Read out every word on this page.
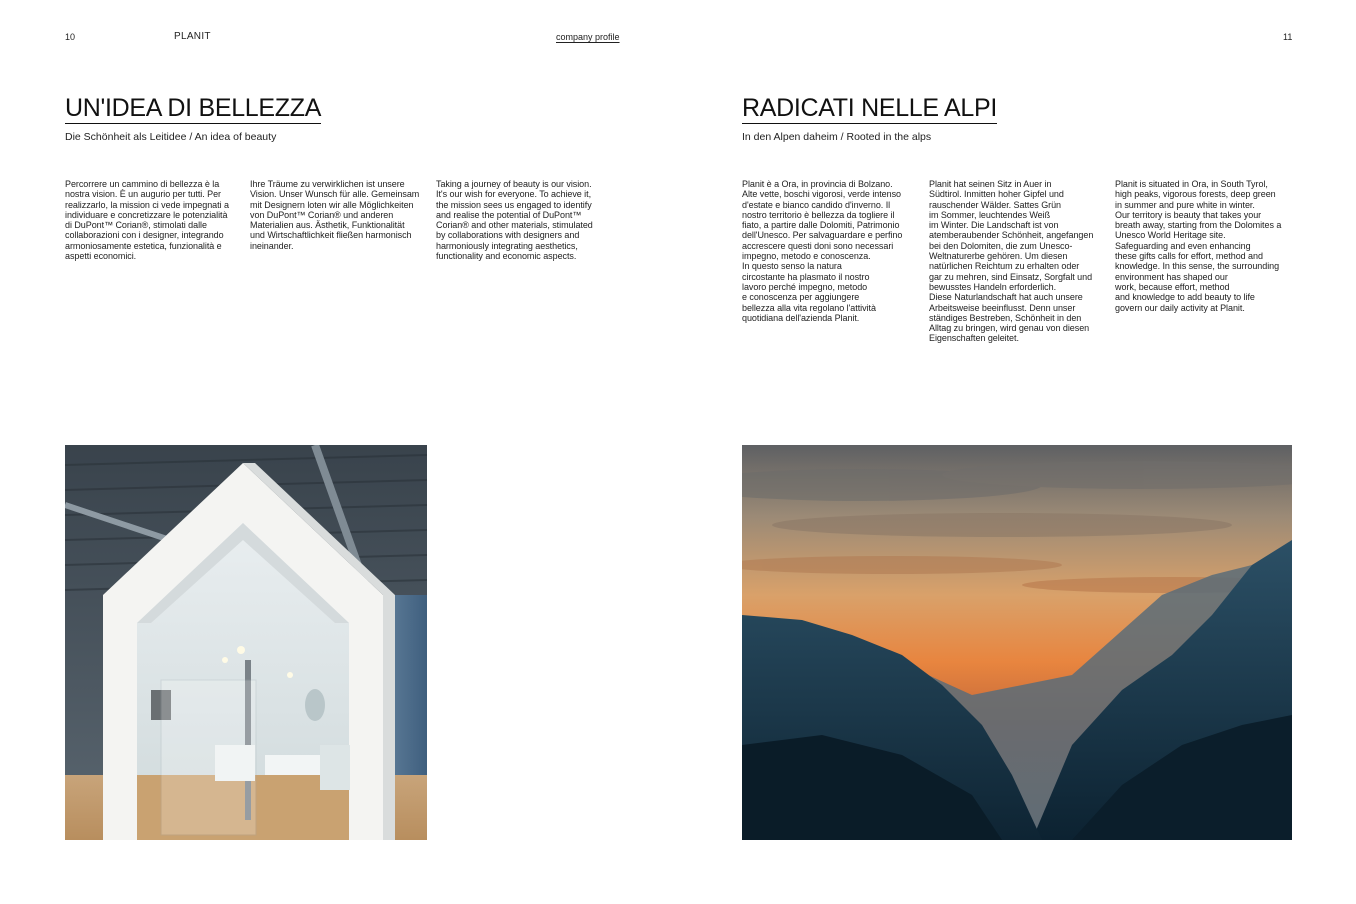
10	PLANIT	company profile	11
UN'IDEA DI BELLEZZA
Die Schönheit als Leitidee / An idea of beauty
Percorrere un cammino di bellezza è la
nostra vision. È un augurio per tutti. Per
realizzarlo, la mission ci vede impegnati a
individuare e concretizzare le potenzialità
di DuPont™ Corian®, stimolati dalle
collaborazioni con i designer, integrando
armoniosamente estetica, funzionalità e
aspetti economici.
Ihre Träume zu verwirklichen ist unsere
Vision. Unser Wunsch für alle. Gemeinsam
mit Designern loten wir alle Möglichkeiten
von DuPont™ Corian® und anderen
Materialien aus. Ästhetik, Funktionalität
und Wirtschaftlichkeit fließen harmonisch
ineinander.
Taking a journey of beauty is our vision.
It's our wish for everyone. To achieve it,
the mission sees us engaged to identify
and realise the potential of DuPont™
Corian® and other materials, stimulated
by collaborations with designers and
harmoniously integrating aesthetics,
functionality and economic aspects.
RADICATI NELLE ALPI
In den Alpen daheim / Rooted in the alps
Planit è a Ora, in provincia di Bolzano.
Alte vette, boschi vigorosi, verde intenso
d'estate e bianco candido d'inverno. Il
nostro territorio è bellezza da togliere il
fiato, a partire dalle Dolomiti, Patrimonio
dell'Unesco. Per salvaguardare e perfino
accrescere questi doni sono necessari
impegno, metodo e conoscenza.
In questo senso la natura
circostante ha plasmato il nostro
lavoro perché impegno, metodo
e conoscenza per aggiungere
bellezza alla vita regolano l'attività
quotidiana dell'azienda Planit.
Planit hat seinen Sitz in Auer in
Südtirol. Inmitten hoher Gipfel und
rauschender Wälder. Sattes Grün
im Sommer, leuchtendes Weiß
im Winter. Die Landschaft ist von
atemberaubender Schönheit, angefangen
bei den Dolomiten, die zum Unesco-
Weltnaturerbe gehören. Um diesen
natürlichen Reichtum zu erhalten oder
gar zu mehren, sind Einsatz, Sorgfalt und
bewusstes Handeln erforderlich.
Diese Naturlandschaft hat auch unsere
Arbeitsweise beeinflusst. Denn unser
ständiges Bestreben, Schönheit in den
Alltag zu bringen, wird genau von diesen
Eigenschaften geleitet.
Planit is situated in Ora, in South Tyrol,
high peaks, vigorous forests, deep green
in summer and pure white in winter.
Our territory is beauty that takes your
breath away, starting from the Dolomites a
Unesco World Heritage site.
Safeguarding and even enhancing
these gifts calls for effort, method and
knowledge. In this sense, the surrounding
environment has shaped our
work, because effort, method
and knowledge to add beauty to life
govern our daily activity at Planit.
